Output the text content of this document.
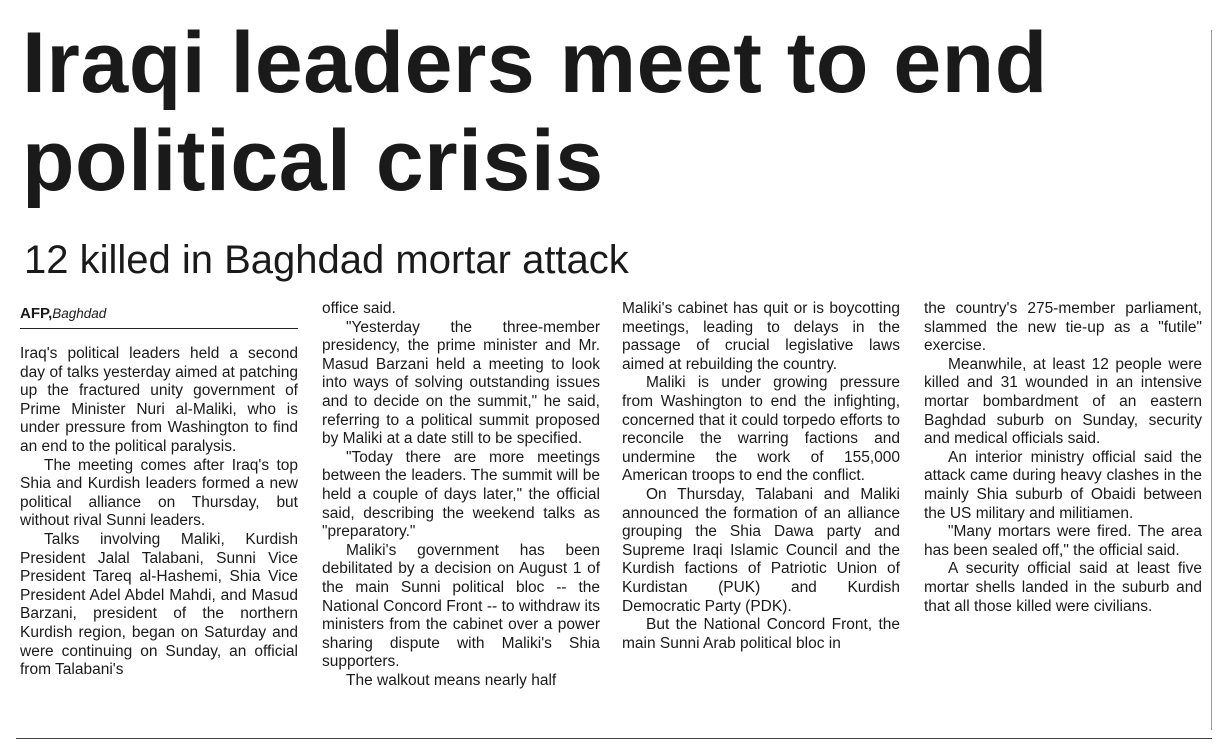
Iraqi leaders meet to end political crisis
12 killed in Baghdad mortar attack
AFP,Baghdad

Iraq's political leaders held a second day of talks yesterday aimed at patching up the fractured unity government of Prime Minister Nuri al-Maliki, who is under pressure from Washington to find an end to the political paralysis.

The meeting comes after Iraq's top Shia and Kurdish leaders formed a new political alliance on Thursday, but without rival Sunni leaders.

Talks involving Maliki, Kurdish President Jalal Talabani, Sunni Vice President Tareq al-Hashemi, Shia Vice President Adel Abdel Mahdi, and Masud Barzani, president of the northern Kurdish region, began on Saturday and were continuing on Sunday, an official from Talabani's

office said.

"Yesterday the three-member presidency, the prime minister and Mr. Masud Barzani held a meeting to look into ways of solving outstanding issues and to decide on the summit," he said, referring to a political summit proposed by Maliki at a date still to be specified.

"Today there are more meetings between the leaders. The summit will be held a couple of days later," the official said, describing the weekend talks as "preparatory."

Maliki's government has been debilitated by a decision on August 1 of the main Sunni political bloc -- the National Concord Front -- to withdraw its ministers from the cabinet over a power sharing dispute with Maliki's Shia supporters.

The walkout means nearly half

Maliki's cabinet has quit or is boycotting meetings, leading to delays in the passage of crucial legislative laws aimed at rebuilding the country.

Maliki is under growing pressure from Washington to end the infighting, concerned that it could torpedo efforts to reconcile the warring factions and undermine the work of 155,000 American troops to end the conflict.

On Thursday, Talabani and Maliki announced the formation of an alliance grouping the Shia Dawa party and Supreme Iraqi Islamic Council and the Kurdish factions of Patriotic Union of Kurdistan (PUK) and Kurdish Democratic Party (PDK).

But the National Concord Front, the main Sunni Arab political bloc in

the country's 275-member parliament, slammed the new tie-up as a "futile" exercise.

Meanwhile, at least 12 people were killed and 31 wounded in an intensive mortar bombardment of an eastern Baghdad suburb on Sunday, security and medical officials said.

An interior ministry official said the attack came during heavy clashes in the mainly Shia suburb of Obaidi between the US military and militiamen.

"Many mortars were fired. The area has been sealed off," the official said.

A security official said at least five mortar shells landed in the suburb and that all those killed were civilians.
